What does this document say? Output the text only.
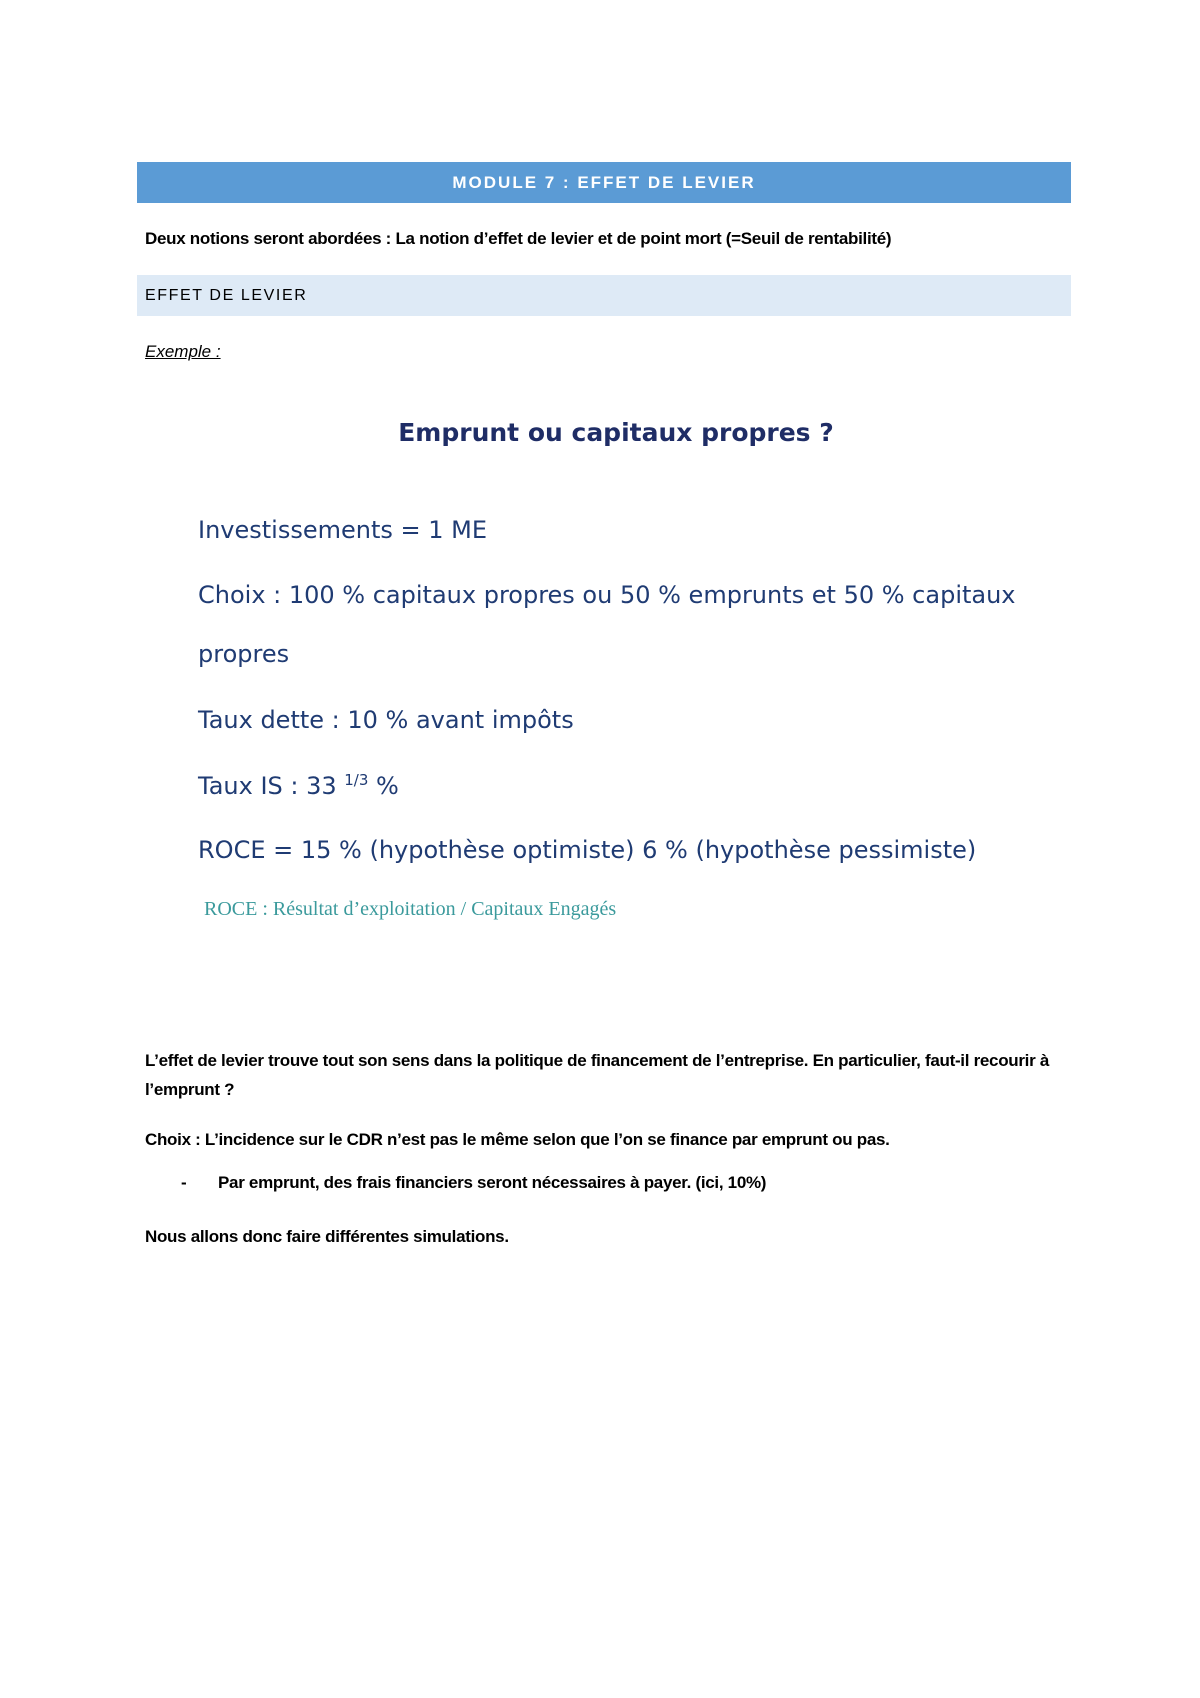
MODULE 7 : EFFET DE LEVIER
Deux notions seront abordées : La notion d’effet de levier et de point mort (=Seuil de rentabilité)
EFFET DE LEVIER
Exemple :
Emprunt ou capitaux propres ?
Investissements = 1 ME
Choix : 100 % capitaux propres ou 50 % emprunts et 50 % capitaux
propres
Taux dette : 10 % avant impôts
Taux IS : 33 $^{1/3}$ %
ROCE = 15 % (hypothèse optimiste) 6 % (hypothèse pessimiste)
ROCE : Résultat d’exploitation / Capitaux Engagés
L’effet de levier trouve tout son sens dans la politique de financement de l’entreprise. En particulier, faut-il recourir à l’emprunt ?
Choix : L’incidence sur le CDR n’est pas le même selon que l’on se finance par emprunt ou pas.
- Par emprunt, des frais financiers seront nécessaires à payer. (ici, 10%)
Nous allons donc faire différentes simulations.
